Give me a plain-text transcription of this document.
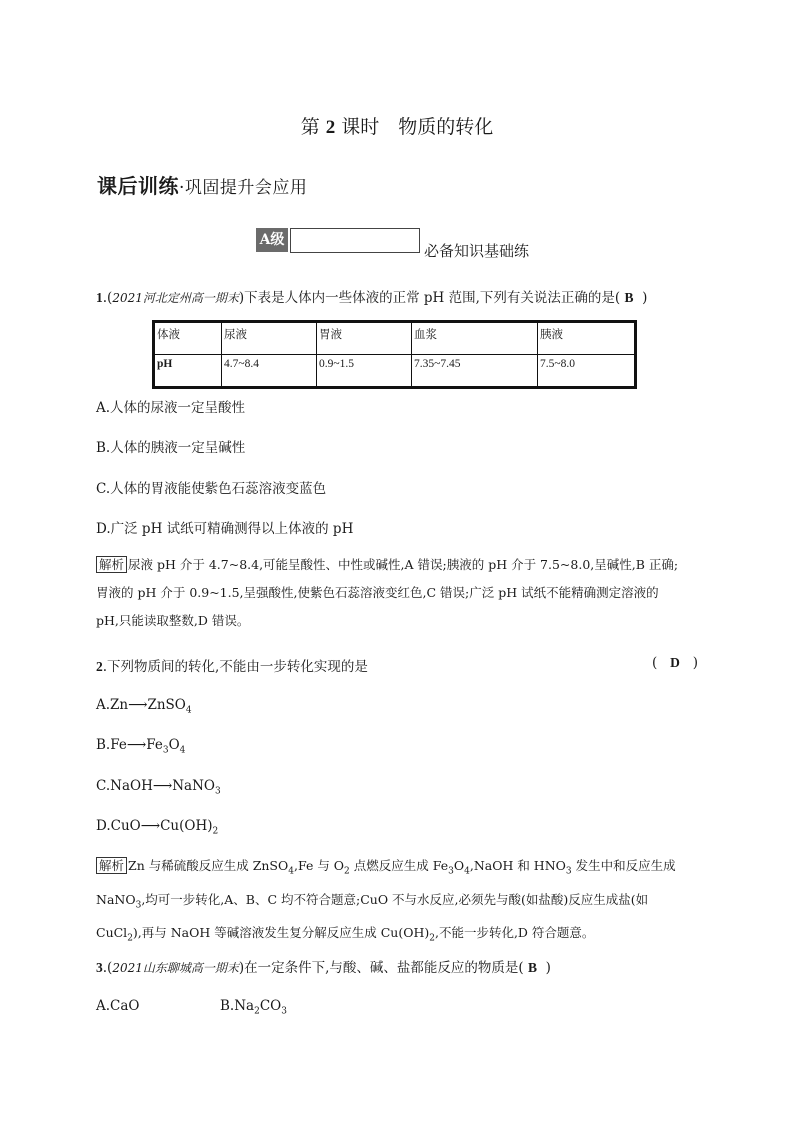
第 2 课时　物质的转化
课后训练·巩固提升会应用
A级
必备知识基础练
1.(2021河北定州高一期末)下表是人体内一些体液的正常 pH 范围,下列有关说法正确的是( B )
体液	尿液	胃液	血浆	胰液
pH	4.7~8.4	0.9~1.5	7.35~7.45	7.5~8.0
A.人体的尿液一定呈酸性
B.人体的胰液一定呈碱性
C.人体的胃液能使紫色石蕊溶液变蓝色
D.广泛 pH 试纸可精确测得以上体液的 pH
解析 尿液 pH 介于 4.7~8.4,可能呈酸性、中性或碱性,A 错误;胰液的 pH 介于 7.5~8.0,呈碱性,B 正确;
胃液的 pH 介于 0.9~1.5,呈强酸性,使紫色石蕊溶液变红色,C 错误;广泛 pH 试纸不能精确测定溶液的
pH,只能读取整数,D 错误。
2.下列物质间的转化,不能由一步转化实现的是	(   D   )
A.Zn⟶ZnSO$_4$
$B.Fe⟶Fe_3O_4$
C.NaOH⟶NaNO$_3$
$D.CuO⟶Cu(OH)_2$
解析 Zn 与稀硫酸反应生成 ZnSO$_4$,Fe 与 $O_2$ 点燃反应生成 $Fe_3O_4,NaOH$ 和 $HNO_3$ 发生中和反应生成
NaNO$_3$,均可一步转化,A、B、C 均不符合题意;CuO 不与水反应,必须先与酸(如盐酸)反应生成盐(如
CuCl$_2$),再与 NaOH 等碱溶液发生复分解反应生成 $Cu(OH)_2$,不能一步转化,D 符合题意。
3.(2021山东聊城高一期末)在一定条件下,与酸、碱、盐都能反应的物质是( B )
A.CaO	$B.Na_2CO_3$
